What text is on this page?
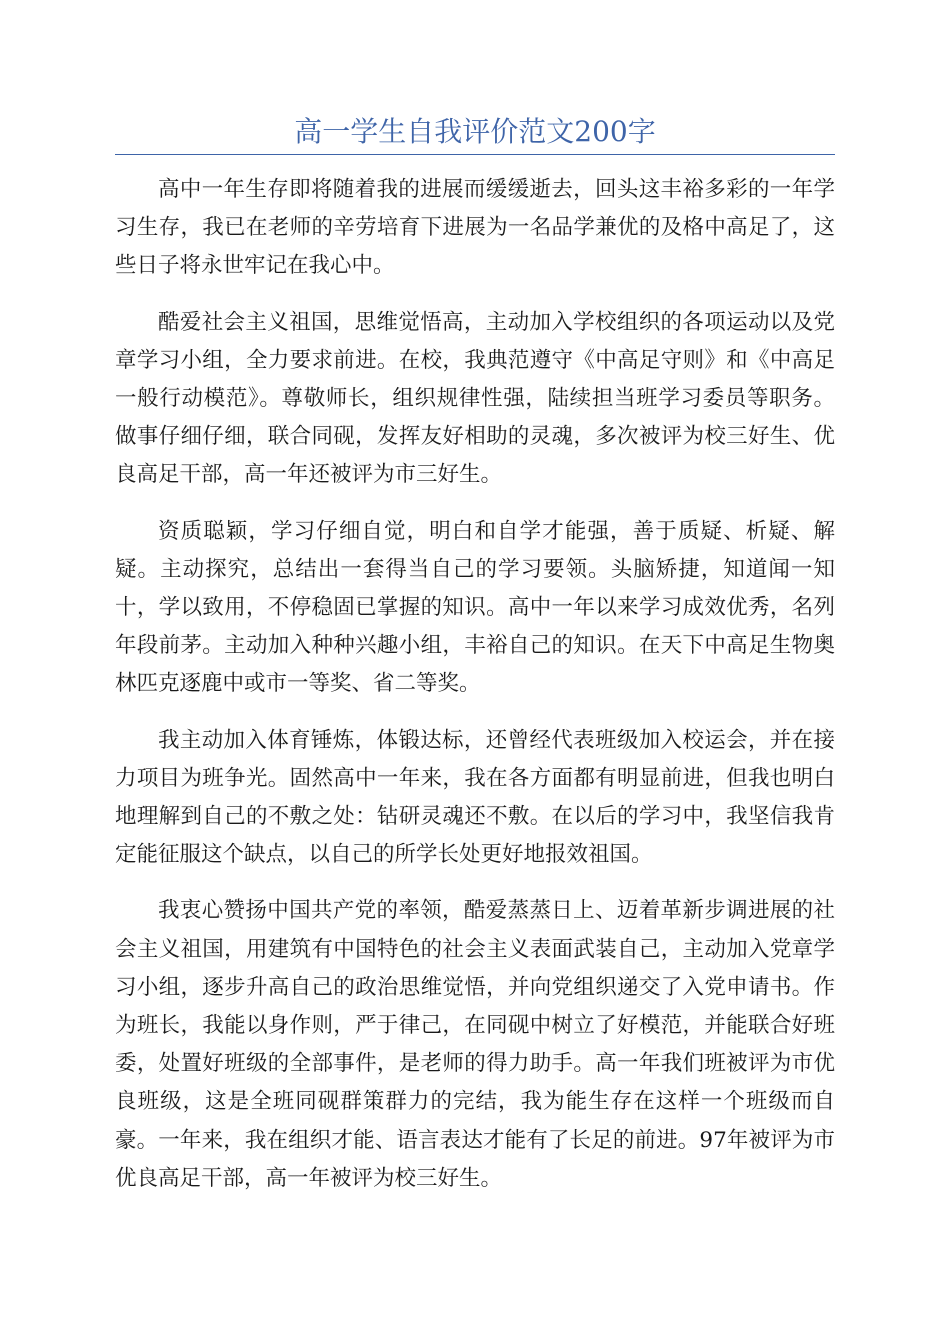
高一学生自我评价范文200字

高中一年生存即将随着我的进展而缓缓逝去，回头这丰裕多彩的一年学习生存，我已在老师的辛劳培育下进展为一名品学兼优的及格中高足了，这些日子将永世牢记在我心中。

酷爱社会主义祖国，思维觉悟高，主动加入学校组织的各项运动以及党章学习小组，全力要求前进。在校，我典范遵守《中高足守则》和《中高足一般行动模范》。尊敬师长，组织规律性强，陆续担当班学习委员等职务。做事仔细仔细，联合同砚，发挥友好相助的灵魂，多次被评为校三好生、优良高足干部，高一年还被评为市三好生。

资质聪颖，学习仔细自觉，明白和自学才能强，善于质疑、析疑、解疑。主动探究，总结出一套得当自己的学习要领。头脑矫捷，知道闻一知十，学以致用，不停稳固已掌握的知识。高中一年以来学习成效优秀，名列年段前茅。主动加入种种兴趣小组，丰裕自己的知识。在天下中高足生物奥林匹克逐鹿中或市一等奖、省二等奖。

我主动加入体育锤炼，体锻达标，还曾经代表班级加入校运会，并在接力项目为班争光。固然高中一年来，我在各方面都有明显前进，但我也明白地理解到自己的不敷之处：钻研灵魂还不敷。在以后的学习中，我坚信我肯定能征服这个缺点，以自己的所学长处更好地报效祖国。

我衷心赞扬中国共产党的率领，酷爱蒸蒸日上、迈着革新步调进展的社会主义祖国，用建筑有中国特色的社会主义表面武装自己，主动加入党章学习小组，逐步升高自己的政治思维觉悟，并向党组织递交了入党申请书。作为班长，我能以身作则，严于律己，在同砚中树立了好模范，并能联合好班委，处置好班级的全部事件，是老师的得力助手。高一年我们班被评为市优良班级，这是全班同砚群策群力的完结，我为能生存在这样一个班级而自豪。一年来，我在组织才能、语言表达才能有了长足的前进。97年被评为市优良高足干部，高一年被评为校三好生。
